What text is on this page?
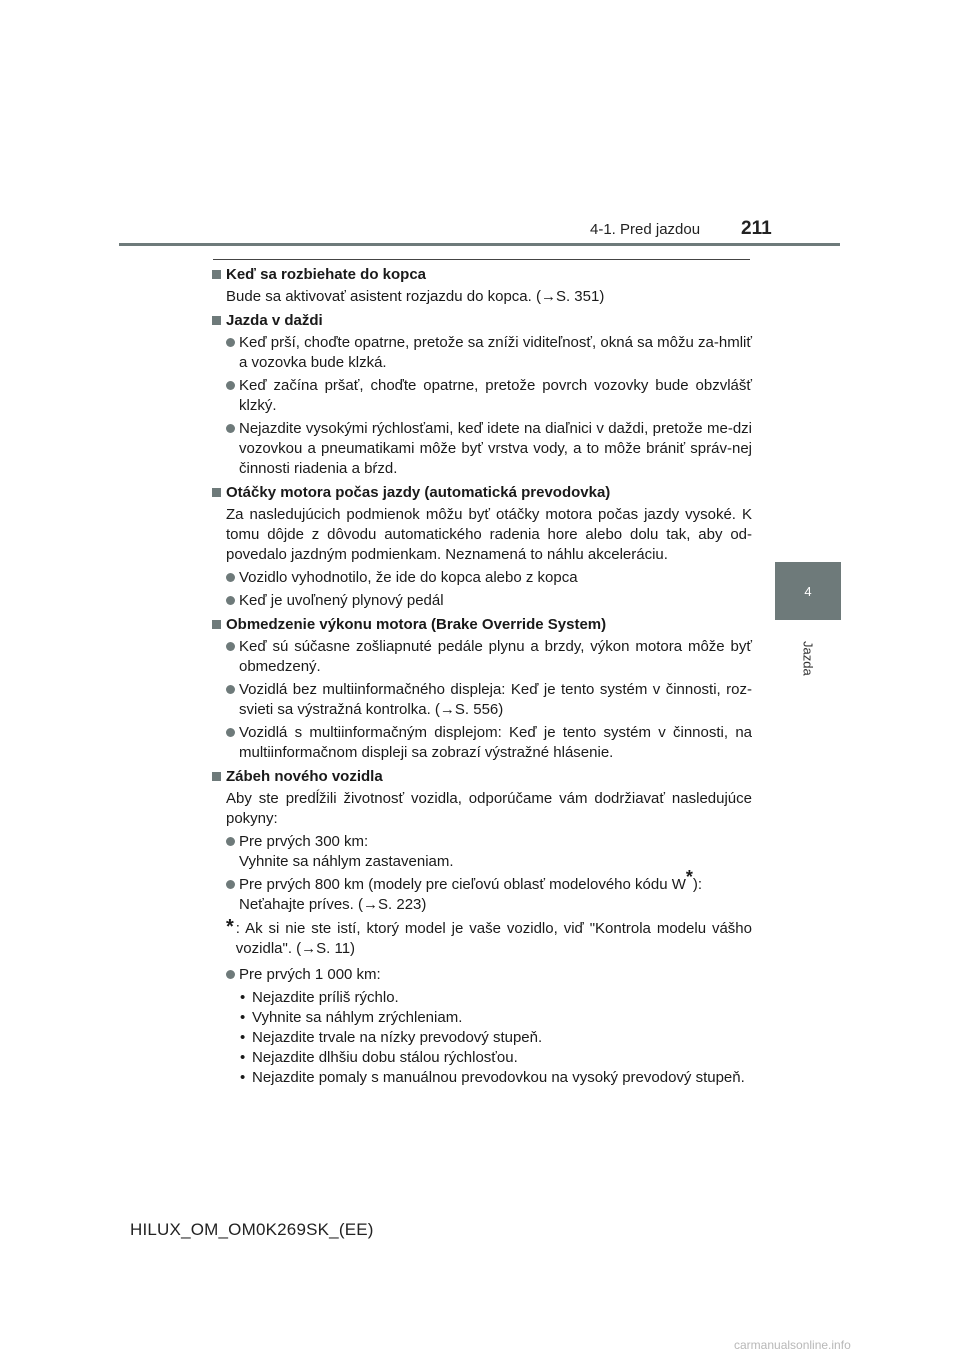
4-1. Pred jazdou 211
4
Jazda
Keď sa rozbiehate do kopca
Bude sa aktivovať asistent rozjazdu do kopca. (→S. 351)
Jazda v daždi
Keď prší, choďte opatrne, pretože sa zníži viditeľnosť, okná sa môžu za-hmliť a vozovka bude klzká.
Keď začína pršať, choďte opatrne, pretože povrch vozovky bude obzvlášť klzký.
Nejazdite vysokými rýchlosťami, keď idete na diaľnici v daždi, pretože me-dzi vozovkou a pneumatikami môže byť vrstva vody, a to môže brániť správ-nej činnosti riadenia a bŕzd.
Otáčky motora počas jazdy (automatická prevodovka)
Za nasledujúcich podmienok môžu byť otáčky motora počas jazdy vysoké. K tomu dôjde z dôvodu automatického radenia hore alebo dolu tak, aby od-povedalo jazdným podmienkam. Neznamená to náhlu akceleráciu.
Vozidlo vyhodnotilo, že ide do kopca alebo z kopca
Keď je uvoľnený plynový pedál
Obmedzenie výkonu motora (Brake Override System)
Keď sú súčasne zošliapnuté pedále plynu a brzdy, výkon motora môže byť obmedzený.
Vozidlá bez multiinformačného displeja: Keď je tento systém v činnosti, roz-svieti sa výstražná kontrolka. (→S. 556)
Vozidlá s multiinformačným displejom: Keď je tento systém v činnosti, na multiinformačnom displeji sa zobrazí výstražné hlásenie.
Zábeh nového vozidla
Aby ste predĺžili životnosť vozidla, odporúčame vám dodržiavať nasledujúce pokyny:
Pre prvých 300 km:
Vyhnite sa náhlym zastaveniam.
Pre prvých 800 km (modely pre cieľovú oblasť modelového kódu W*):
Neťahajte príves. (→S. 223)
* : Ak si nie ste istí, ktorý model je vaše vozidlo, viď "Kontrola modelu vášho vozidla". (→S. 11)
Pre prvých 1 000 km:
• Nejazdite príliš rýchlo.
• Vyhnite sa náhlym zrýchleniam.
• Nejazdite trvale na nízky prevodový stupeň.
• Nejazdite dlhšiu dobu stálou rýchlosťou.
• Nejazdite pomaly s manuálnou prevodovkou na vysoký prevodový stupeň.
HILUX_OM_OM0K269SK_(EE)
carmanualsonline.info
